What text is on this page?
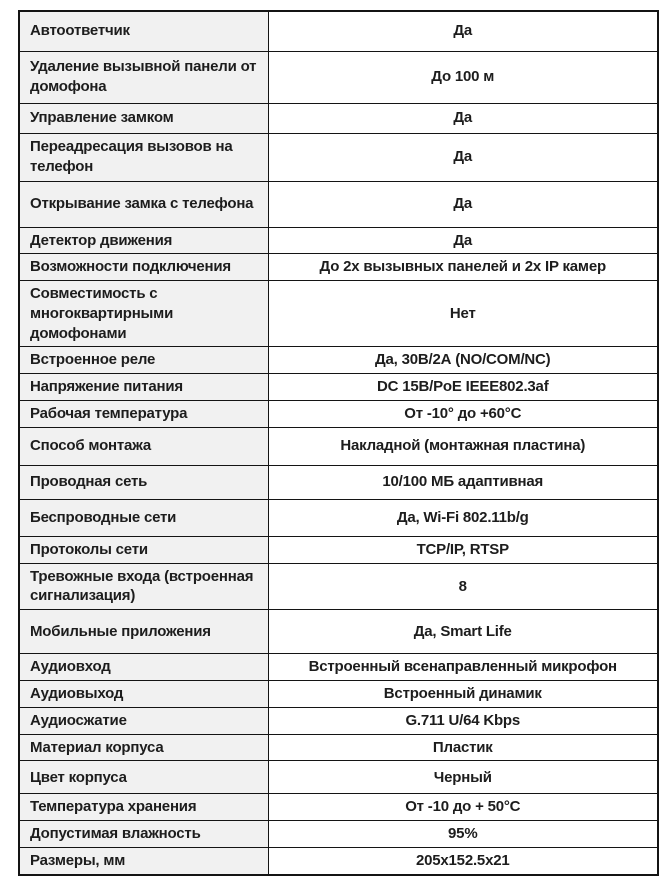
Автоответчик	Да
Удаление вызывной панели от домофона	До 100 м
Управление замком	Да
Переадресация вызовов на телефон	Да
Открывание замка с телефона	Да
Детектор движения	Да
Возможности подключения	До 2х вызывных панелей и 2х IP камер
Совместимость с многоквартирными домофонами	Нет
Встроенное реле	Да, 30В/2А (NO/COM/NC)
Напряжение питания	DC 15В/PoE IEEE802.3af
Рабочая температура	От -10° до +60°C
Способ монтажа	Накладной (монтажная пластина)
Проводная сеть	10/100 МБ адаптивная
Беспроводные сети	Да, Wi-Fi 802.11b/g
Протоколы сети	TCP/IP, RTSP
Тревожные входа (встроенная сигнализация)	8
Мобильные приложения	Да, Smart Life
Аудиовход	Встроенный всенаправленный микрофон
Аудиовыход	Встроенный динамик
Аудиосжатие	G.711 U/64 Kbps
Материал корпуса	Пластик
Цвет корпуса	Черный
Температура хранения	От -10 до + 50°C
Допустимая влажность	95%
Размеры, мм	205x152.5x21
